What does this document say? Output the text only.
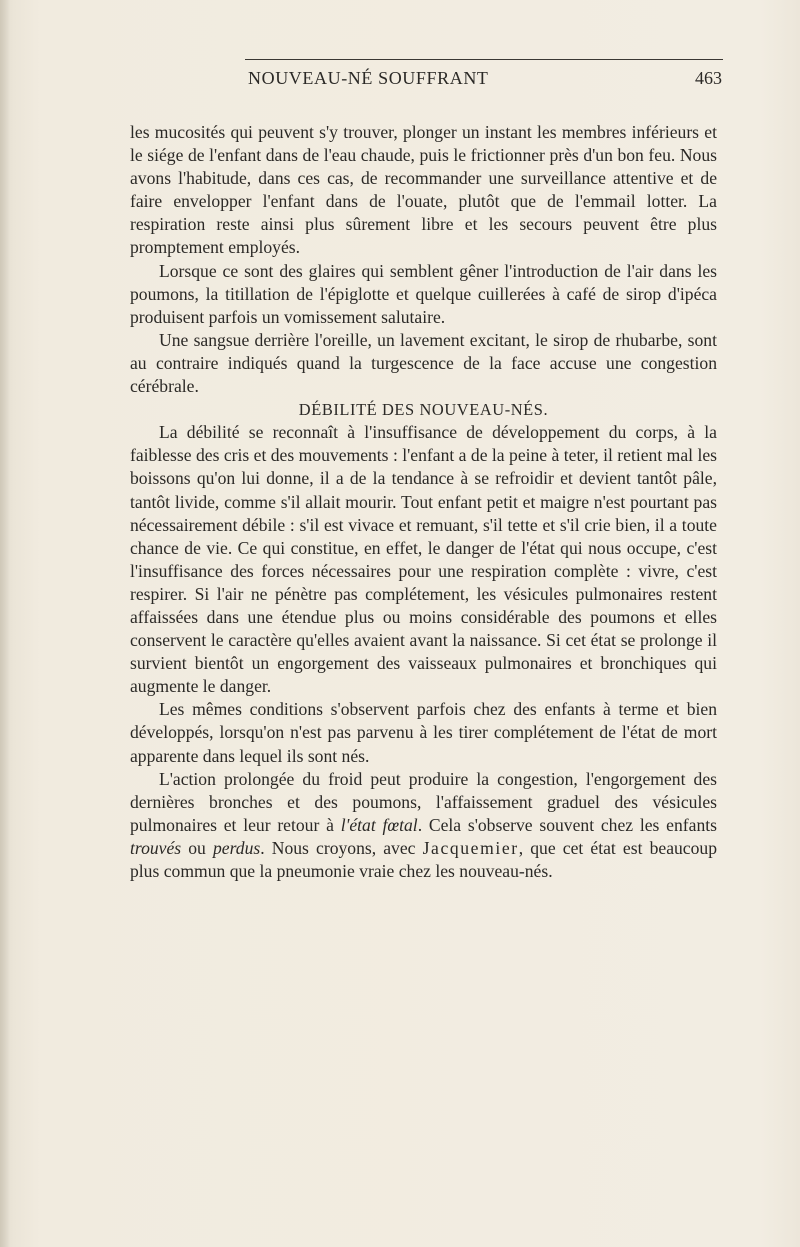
NOUVEAU-NÉ SOUFFRANT	463

les mucosités qui peuvent s'y trouver, plonger un instant les membres inférieurs et le siége de l'enfant dans de l'eau chaude, puis le frictionner près d'un bon feu. Nous avons l'habitude, dans ces cas, de recommander une surveillance attentive et de faire envelopper l'enfant dans de l'ouate, plutôt que de l'emmail lotter. La respiration reste ainsi plus sûrement libre et les secours peuvent être plus promptement employés.

Lorsque ce sont des glaires qui semblent gêner l'introduction de l'air dans les poumons, la titillation de l'épiglotte et quelque cuillerées à café de sirop d'ipéca produisent parfois un vomissement salutaire.

Une sangsue derrière l'oreille, un lavement excitant, le sirop de rhubarbe, sont au contraire indiqués quand la turgescence de la face accuse une congestion cérébrale.

DÉBILITÉ DES NOUVEAU-NÉS.

La débilité se reconnaît à l'insuffisance de développement du corps, à la faiblesse des cris et des mouvements : l'enfant a de la peine à teter, il retient mal les boissons qu'on lui donne, il a de la tendance à se refroidir et devient tantôt pâle, tantôt livide, comme s'il allait mourir. Tout enfant petit et maigre n'est pourtant pas nécessairement débile : s'il est vivace et remuant, s'il tette et s'il crie bien, il a toute chance de vie. Ce qui constitue, en effet, le danger de l'état qui nous occupe, c'est l'insuffisance des forces nécessaires pour une respiration complète : vivre, c'est respirer. Si l'air ne pénètre pas complétement, les vésicules pulmonaires restent affaissées dans une étendue plus ou moins considérable des poumons et elles conservent le caractère qu'elles avaient avant la naissance. Si cet état se prolonge il survient bientôt un engorgement des vaisseaux pulmonaires et bronchiques qui augmente le danger.

Les mêmes conditions s'observent parfois chez des enfants à terme et bien développés, lorsqu'on n'est pas parvenu à les tirer complétement de l'état de mort apparente dans lequel ils sont nés.

L'action prolongée du froid peut produire la congestion, l'engorgement des dernières bronches et des poumons, l'affaissement graduel des vésicules pulmonaires et leur retour à l'état fœtal. Cela s'observe souvent chez les enfants trouvés ou perdus. Nous croyons, avec Jacquemier, que cet état est beaucoup plus commun que la pneumonie vraie chez les nouveau-nés.
